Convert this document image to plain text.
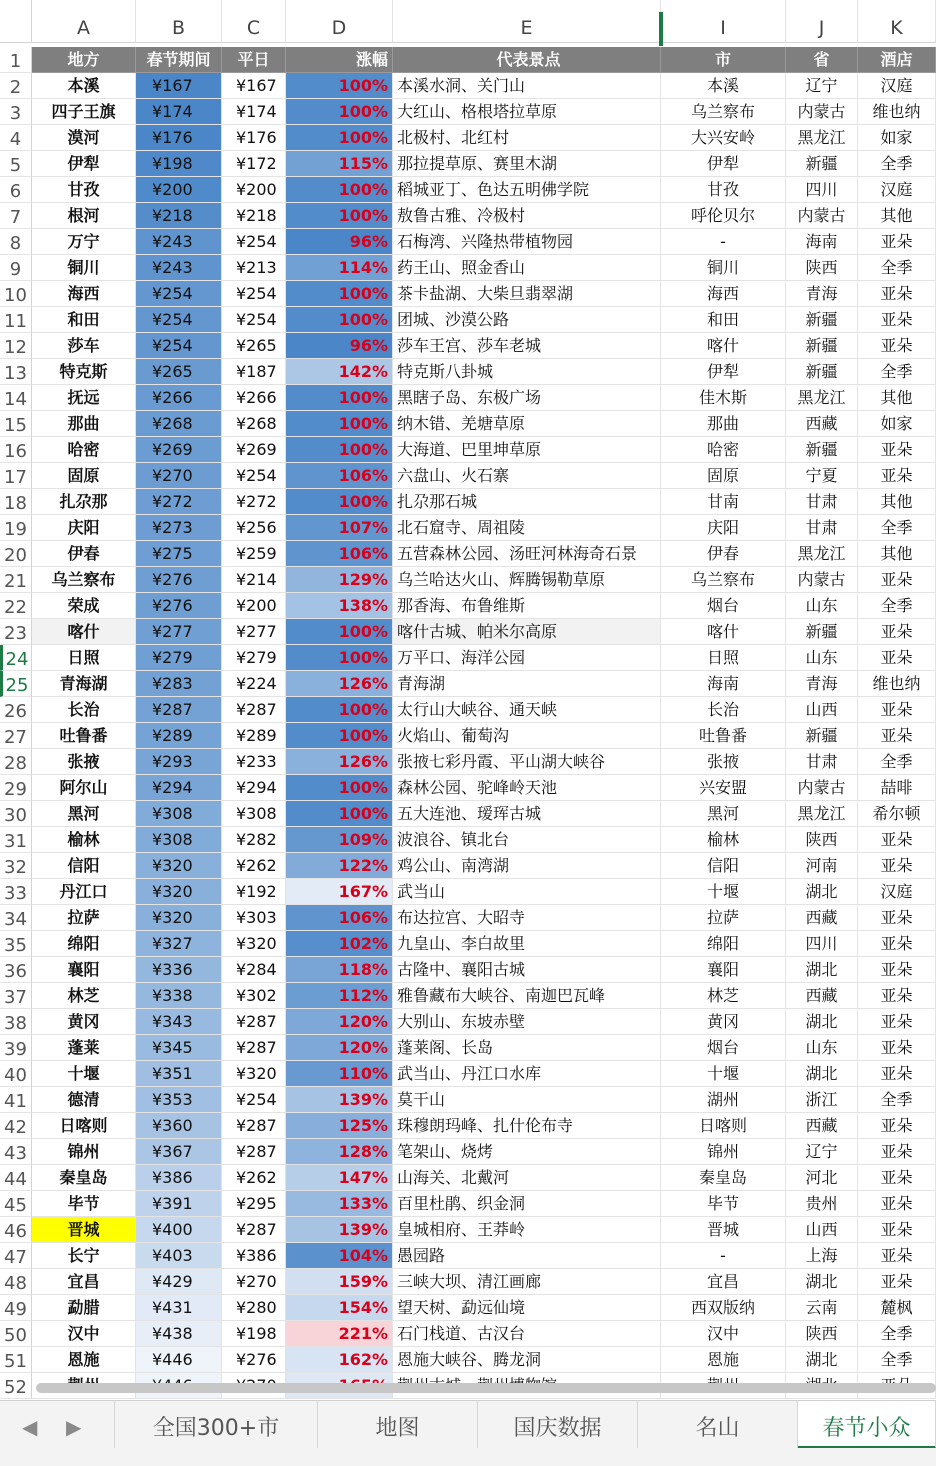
A	B	C	D	E	I	J	K
1	地方	春节期间	平日	涨幅	代表景点	市	省	酒店
2	本溪	¥167	¥167	100% 本溪水洞、关门山	本溪	辽宁	汉庭
3	四子王旗	¥174	¥174	100% 大红山、格根塔拉草原	乌兰察布	内蒙古	维也纳
4	漠河	¥176	¥176	100% 北极村、北红村	大兴安岭	黑龙江	如家
5	伊犁	¥198	¥172	115% 那拉提草原、赛里木湖	伊犁	新疆	全季
6	甘孜	¥200	¥200	100% 稻城亚丁、色达五明佛学院	甘孜	四川	汉庭
7	根河	¥218	¥218	100% 敖鲁古雅、冷极村	呼伦贝尔	内蒙古	其他
8	万宁	¥243	¥254	96% 石梅湾、兴隆热带植物园	-	海南	亚朵
9	铜川	¥243	¥213	114% 药王山、照金香山	铜川	陕西	全季
10	海西	¥254	¥254	100% 茶卡盐湖、大柴旦翡翠湖	海西	青海	亚朵
11	和田	¥254	¥254	100% 团城、沙漠公路	和田	新疆	亚朵
12	莎车	¥254	¥265	96% 莎车王宫、莎车老城	喀什	新疆	亚朵
13	特克斯	¥265	¥187	142% 特克斯八卦城	伊犁	新疆	全季
14	抚远	¥266	¥266	100% 黑瞎子岛、东极广场	佳木斯	黑龙江	其他
15	那曲	¥268	¥268	100% 纳木错、羌塘草原	那曲	西藏	如家
16	哈密	¥269	¥269	100% 大海道、巴里坤草原	哈密	新疆	亚朵
17	固原	¥270	¥254	106% 六盘山、火石寨	固原	宁夏	亚朵
18	扎尕那	¥272	¥272	100% 扎尕那石城	甘南	甘肃	其他
19	庆阳	¥273	¥256	107% 北石窟寺、周祖陵	庆阳	甘肃	全季
20	伊春	¥275	¥259	106% 五营森林公园、汤旺河林海奇石景	伊春	黑龙江	其他
21	乌兰察布	¥276	¥214	129% 乌兰哈达火山、辉腾锡勒草原	乌兰察布	内蒙古	亚朵
22	荣成	¥276	¥200	138% 那香海、布鲁维斯	烟台	山东	全季
23	喀什	¥277	¥277	100% 喀什古城、帕米尔高原	喀什	新疆	亚朵
24	日照	¥279	¥279	100% 万平口、海洋公园	日照	山东	亚朵
25	青海湖	¥283	¥224	126% 青海湖	海南	青海	维也纳
26	长治	¥287	¥287	100% 太行山大峡谷、通天峡	长治	山西	亚朵
27	吐鲁番	¥289	¥289	100% 火焰山、葡萄沟	吐鲁番	新疆	亚朵
28	张掖	¥293	¥233	126% 张掖七彩丹霞、平山湖大峡谷	张掖	甘肃	全季
29	阿尔山	¥294	¥294	100% 森林公园、驼峰岭天池	兴安盟	内蒙古	喆啡
30	黑河	¥308	¥308	100% 五大连池、瑷珲古城	黑河	黑龙江	希尔顿
31	榆林	¥308	¥282	109% 波浪谷、镇北台	榆林	陕西	亚朵
32	信阳	¥320	¥262	122% 鸡公山、南湾湖	信阳	河南	亚朵
33	丹江口	¥320	¥192	167% 武当山	十堰	湖北	汉庭
34	拉萨	¥320	¥303	106% 布达拉宫、大昭寺	拉萨	西藏	亚朵
35	绵阳	¥327	¥320	102% 九皇山、李白故里	绵阳	四川	亚朵
36	襄阳	¥336	¥284	118% 古隆中、襄阳古城	襄阳	湖北	亚朵
37	林芝	¥338	¥302	112% 雅鲁藏布大峡谷、南迦巴瓦峰	林芝	西藏	亚朵
38	黄冈	¥343	¥287	120% 大别山、东坡赤壁	黄冈	湖北	亚朵
39	蓬莱	¥345	¥287	120% 蓬莱阁、长岛	烟台	山东	亚朵
40	十堰	¥351	¥320	110% 武当山、丹江口水库	十堰	湖北	亚朵
41	德清	¥353	¥254	139% 莫干山	湖州	浙江	全季
42	日喀则	¥360	¥287	125% 珠穆朗玛峰、扎什伦布寺	日喀则	西藏	亚朵
43	锦州	¥367	¥287	128% 笔架山、烧烤	锦州	辽宁	亚朵
44	秦皇岛	¥386	¥262	147% 山海关、北戴河	秦皇岛	河北	亚朵
45	毕节	¥391	¥295	133% 百里杜鹃、织金洞	毕节	贵州	亚朵
46	晋城	¥400	¥287	139% 皇城相府、王莽岭	晋城	山西	亚朵
47	长宁	¥403	¥386	104% 愚园路	-	上海	亚朵
48	宜昌	¥429	¥270	159% 三峡大坝、清江画廊	宜昌	湖北	亚朵
49	勐腊	¥431	¥280	154% 望天树、勐远仙境	西双版纳	云南	麓枫
50	汉中	¥438	¥198	221% 石门栈道、古汉台	汉中	陕西	全季
51	恩施	¥446	¥276	162% 恩施大峡谷、腾龙洞	恩施	湖北	全季
52
◀ ▶	全国300+市	地图	国庆数据	名山	春节小众
